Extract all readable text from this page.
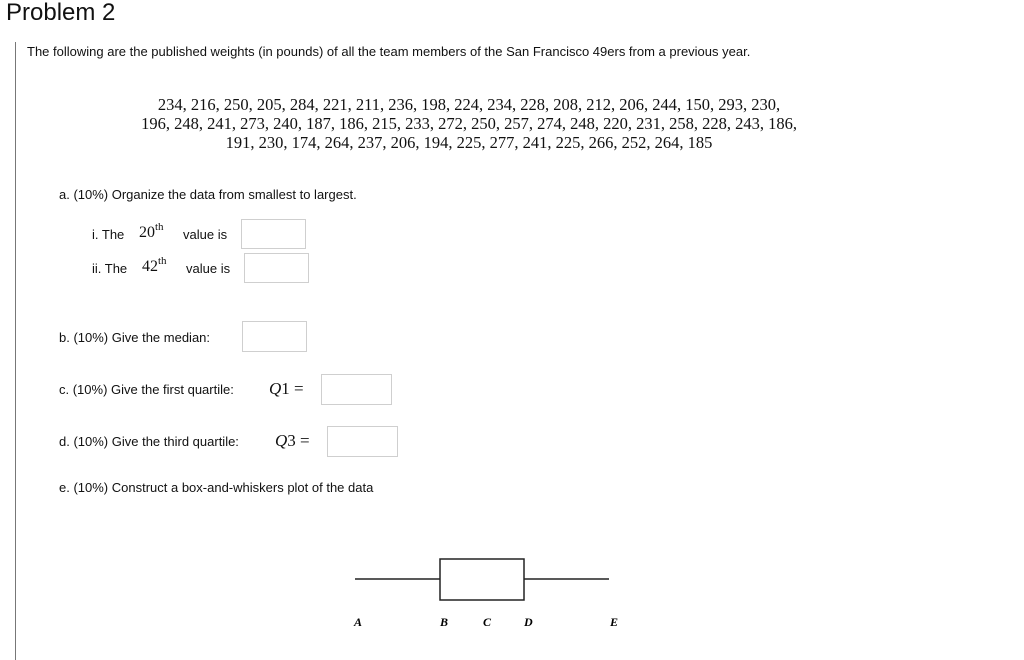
Problem 2
The following are the published weights (in pounds) of all the team members of the San Francisco 49ers from a previous year.
234, 216, 250, 205, 284, 221, 211, 236, 198, 224, 234, 228, 208, 212, 206, 244, 150, 293, 230,
196, 248, 241, 273, 240, 187, 186, 215, 233, 272, 250, 257, 274, 248, 220, 231, 258, 228, 243, 186,
191, 230, 174, 264, 237, 206, 194, 225, 277, 241, 225, 266, 252, 264, 185
a. (10%) Organize the data from smallest to largest.
i. The 20th value is
ii. The 42th value is
b. (10%) Give the median:
c. (10%) Give the first quartile: Q1 =
d. (10%) Give the third quartile: Q3 =
e. (10%) Construct a box-and-whiskers plot of the data
A	B	C	D	E
